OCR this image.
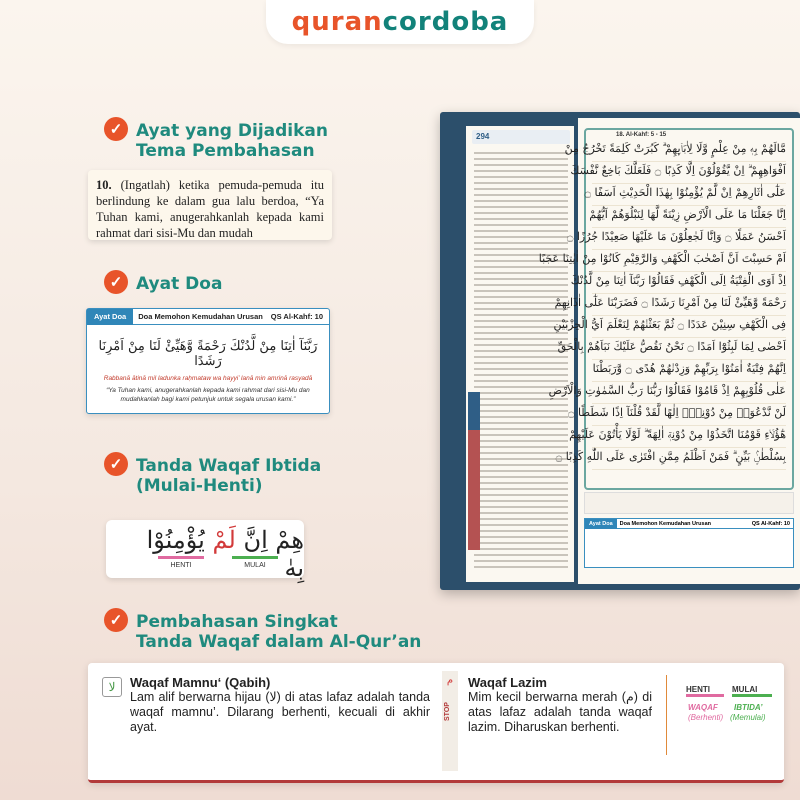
quran cordoba
✓ Ayat yang Dijadikan
Tema Pembahasan
10. (Ingatlah) ketika pemuda-pemuda itu berlindung ke dalam gua lalu berdoa, “Ya Tuhan kami, anugerahkanlah kepada kami rahmat dari sisi-Mu dan mudah
✓ Ayat Doa
Ayat Doa	Doa Memohon Kemudahan Urusan	QS Al-Kahf: 10
رَبَّنَآ اٰتِنَا مِنْ لَّدُنْكَ رَحْمَةً وَّهَيِّئْ لَنَا مِنْ اَمْرِنَا رَشَدًا
Rabbanā ātinā mil ladunka raḥmataw wa hayyi’ lanā min amrinā rasyadā
“Ya Tuhan kami, anugerahkanlah kepada kami rahmat dari sisi-Mu dan mudahkanlah bagi kami petunjuk untuk segala urusan kami.”
✓ Tanda Waqaf Ibtida
(Mulai-Henti)
هِمْ اِنَّ لَمْ يُؤْمِنُوْا بِهٰ
HENTI	MULAI
✓ Pembahasan Singkat
Tanda Waqaf dalam Al-Qur’an
لا	Waqaf Mamnu‘ (Qabih)
Lam alif berwarna hijau (لا) di atas lafaz adalah tanda waqaf mamnu’. Dilarang berhenti, kecuali di akhir ayat.
م
STOP
Waqaf Lazim
Mim kecil berwarna merah (م) di atas lafaz adalah tanda waqaf lazim. Diharuskan berhenti.
HENTI	MULAI
WAQAF
(Berhenti)
IBTIDA’
(Memulai)
294	18. Al-Kahf: 5 - 15
مَّالَهُمْ بِهٖ مِنْ عِلْمٍ وَّلَا لِاٰبَاۤىِٕهِمْ ۗ كَبُرَتْ كَلِمَةً تَخْرُجُ مِنْ
اَفْوَاهِهِمْ ۗ اِنْ يَّقُوْلُوْنَ اِلَّا كَذِبًا ۝ فَلَعَلَّكَ بَاخِعٌ نَّفْسَكَ
عَلٰٓى اٰثَارِهِمْ اِنْ لَّمْ يُؤْمِنُوْا بِهٰذَا الْحَدِيْثِ اَسَفًا ۝
اِنَّا جَعَلْنَا مَا عَلَى الْاَرْضِ زِيْنَةً لَّهَا لِنَبْلُوَهُمْ اَيُّهُمْ
اَحْسَنُ عَمَلًا ۝ وَاِنَّا لَجٰعِلُوْنَ مَا عَلَيْهَا صَعِيْدًا جُرُزًا ۝
اَمْ حَسِبْتَ اَنَّ اَصْحٰبَ الْكَهْفِ وَالرَّقِيْمِ كَانُوْا مِنْ اٰيٰتِنَا عَجَبًا
اِذْ اَوَى الْفِتْيَةُ اِلَى الْكَهْفِ فَقَالُوْا رَبَّنَآ اٰتِنَا مِنْ لَّدُنْكَ
رَحْمَةً وَّهَيِّئْ لَنَا مِنْ اَمْرِنَا رَشَدًا ۝ فَضَرَبْنَا عَلٰٓى اٰذَانِهِمْ
فِى الْكَهْفِ سِنِيْنَ عَدَدًا ۝ ثُمَّ بَعَثْنٰهُمْ لِنَعْلَمَ اَيُّ الْحِزْبَيْنِ
اَحْصٰى لِمَا لَبِثُوْٓا اَمَدًا ۝ نَحْنُ نَقُصُّ عَلَيْكَ نَبَاَهُمْ بِالْحَقِّ
اِنَّهُمْ فِتْيَةٌ اٰمَنُوْا بِرَبِّهِمْ وَزِدْنٰهُمْ هُدًى ۝ وَّرَبَطْنَا
عَلٰى قُلُوْبِهِمْ اِذْ قَامُوْا فَقَالُوْا رَبُّنَا رَبُّ السَّمٰوٰتِ وَالْاَرْضِ
لَنْ نَّدْعُوَا۟ مِنْ دُوْنِهٖٓ اِلٰهًا لَّقَدْ قُلْنَآ اِذًا شَطَطًا ۝
هٰٓؤُلَاۤءِ قَوْمُنَا اتَّخَذُوْا مِنْ دُوْنِهٖٓ اٰلِهَةً ۗ لَوْلَا يَأْتُوْنَ عَلَيْهِمْ
بِسُلْطٰنٍۢ بَيِّنٍ ۗ فَمَنْ اَظْلَمُ مِمَّنِ افْتَرٰى عَلَى اللّٰهِ كَذِبًا ۝
Ayat Doa	Doa Memohon Kemudahan Urusan	QS Al-Kahf: 10
